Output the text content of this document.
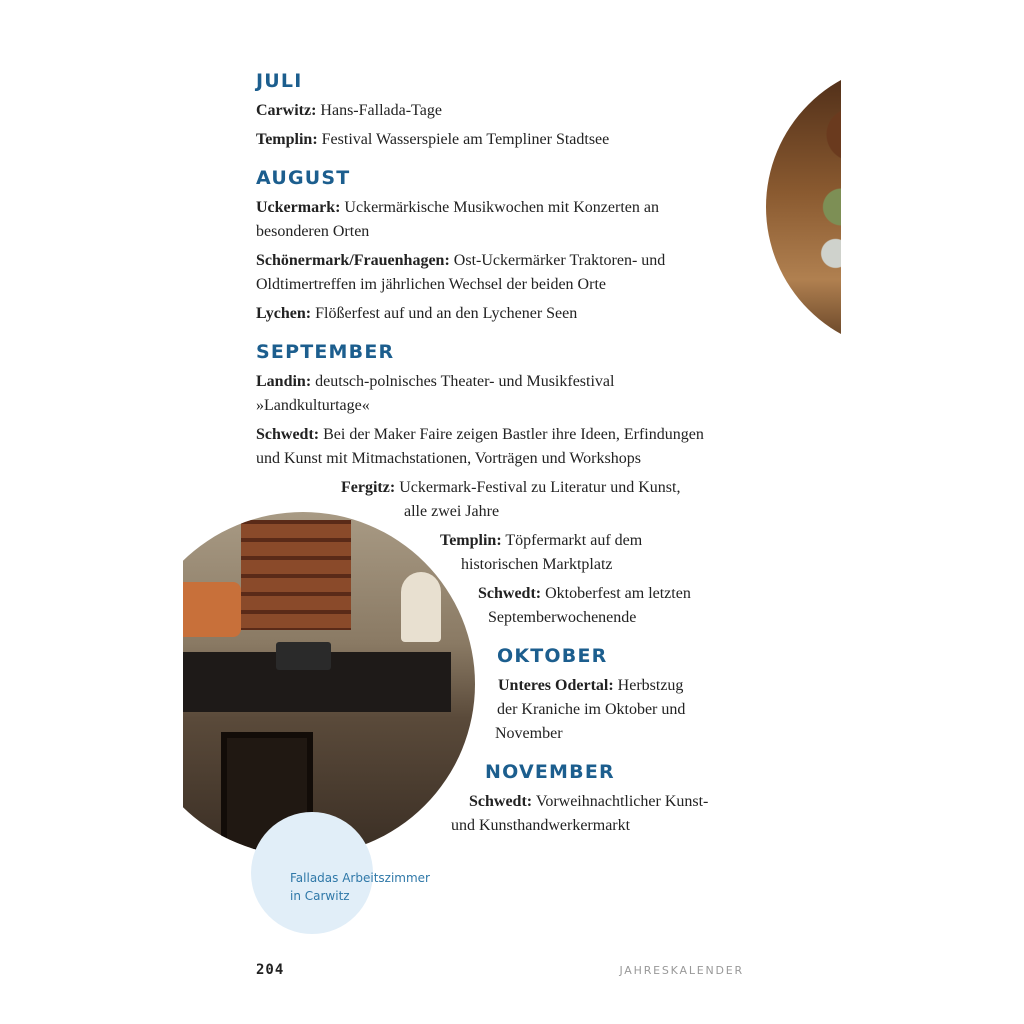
JULI
Carwitz: Hans-Fallada-Tage
Templin: Festival Wasserspiele am Templiner Stadtsee
AUGUST
Uckermark: Uckermärkische Musikwochen mit Konzerten an
besonderen Orten
Schönermark/Frauenhagen: Ost-Uckermärker Traktoren- und
Oldtimertreffen im jährlichen Wechsel der beiden Orte
Lychen: Flößerfest auf und an den Lychener Seen
SEPTEMBER
Landin: deutsch-polnisches Theater- und Musikfestival
»Landkulturtage«
Schwedt: Bei der Maker Faire zeigen Bastler ihre Ideen, Erfindungen
und Kunst mit Mitmachstationen, Vorträgen und Workshops
Fergitz: Uckermark-Festival zu Literatur und Kunst,
alle zwei Jahre
Templin: Töpfermarkt auf dem
historischen Marktplatz
Schwedt: Oktoberfest am letzten
Septemberwochenende
OKTOBER
Unteres Odertal: Herbstzug
der Kraniche im Oktober und
November
NOVEMBER
Schwedt: Vorweihnachtlicher Kunst-
und Kunsthandwerkermarkt
Falladas Arbeitszimmer
in Carwitz
204	JAHRESKALENDER
